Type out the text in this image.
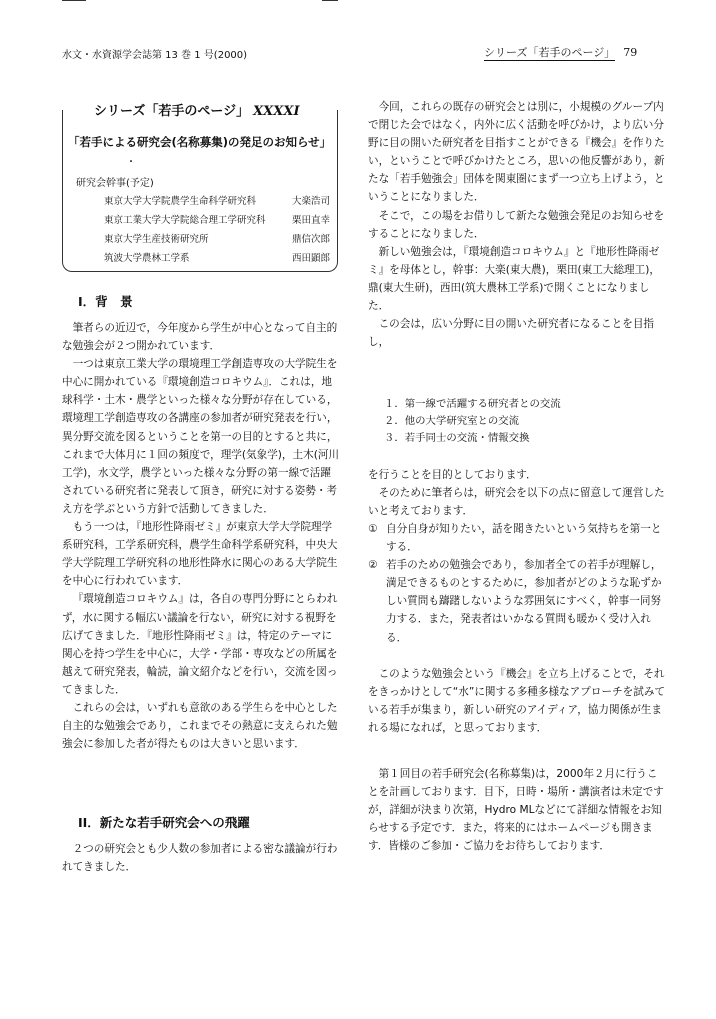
水文・水資源学会誌第 13 巻 1 号(2000)	シリーズ「若手のページ」 79
シリーズ「若手のページ」 XXXXI
「若手による研究会(名称募集)の発足のお知らせ」
・
研究会幹事(予定)
東京大学大学院農学生命科学研究科	大楽浩司
東京工業大学大学院総合理工学研究科	栗田直幸
東京大学生産技術研究所	鼎信次郎
筑波大学農林工学系	西田顕郎
I．背　景

筆者らの近辺で，今年度から学生が中心となって自主的な勉強会が２つ開かれています．

一つは東京工業大学の環境理工学創造専攻の大学院生を中心に開かれている『環境創造コロキウム』．これは，地球科学・土木・農学といった様々な分野が存在している，環境理工学創造専攻の各講座の参加者が研究発表を行い，異分野交流を図るということを第一の目的とすると共に，これまで大体月に１回の頻度で，理学(気象学)，土木(河川工学)，水文学，農学といった様々な分野の第一線で活躍されている研究者に発表して頂き，研究に対する姿勢・考え方を学ぶという方針で活動してきました．

もう一つは，『地形性降雨ゼミ』が東京大学大学院理学系研究科，工学系研究科，農学生命科学系研究科，中央大学大学院理工学研究科の地形性降水に関心のある大学院生を中心に行われています．

『環境創造コロキウム』は，各自の専門分野にとらわれず，水に関する幅広い議論を行ない，研究に対する視野を広げてきました．『地形性降雨ゼミ』は，特定のテーマに関心を持つ学生を中心に，大学・学部・専攻などの所属を越えて研究発表，輪読，論文紹介などを行い，交流を図ってきました．

これらの会は，いずれも意欲のある学生らを中心とした自主的な勉強会であり，これまでその熱意に支えられた勉強会に参加した者が得たものは大きいと思います．

II．新たな若手研究会への飛躍

２つの研究会とも少人数の参加者による密な議論が行われてきました．

今回，これらの既存の研究会とは別に，小規模のグループ内で閉じた会ではなく，内外に広く活動を呼びかけ，より広い分野に目の開いた研究者を目指すことができる『機会』を作りたい，ということで呼びかけたところ，思いの他反響があり，新たな「若手勉強会」団体を関東圏にまず一つ立ち上げよう，ということになりました．

そこで，この場をお借りして新たな勉強会発足のお知らせをすることになりました．

新しい勉強会は，『環境創造コロキウム』と『地形性降雨ゼミ』を母体とし，幹事：大楽(東大農)，栗田(東工大総理工)，鼎(東大生研)，西田(筑大農林工学系)で開くことになりました．

この会は，広い分野に目の開いた研究者になることを目指し，

１．第一線で活躍する研究者との交流
２．他の大学研究室との交流
３．若手同士の交流・情報交換

を行うことを目的としております．

そのために筆者らは，研究会を以下の点に留意して運営したいと考えております．

① 自分自身が知りたい，話を聞きたいという気持ちを第一とする．
② 若手のための勉強会であり，参加者全ての若手が理解し，満足できるものとするために，参加者がどのような恥ずかしい質問も躊躇しないような雰囲気にすべく，幹事一同努力する．また，発表者はいかなる質問も暖かく受け入れる．

このような勉強会という『機会』を立ち上げることで，それをきっかけとして“水”に関する多種多様なアプローチを試みている若手が集まり，新しい研究のアイディア，協力関係が生まれる場になれば，と思っております．

第１回目の若手研究会(名称募集)は，2000年２月に行うことを計画しております．目下，日時・場所・講演者は未定ですが，詳細が決まり次第，Hydro MLなどにて詳細な情報をお知らせする予定です．また，将来的にはホームページも開きます．皆様のご参加・ご協力をお待ちしております．
